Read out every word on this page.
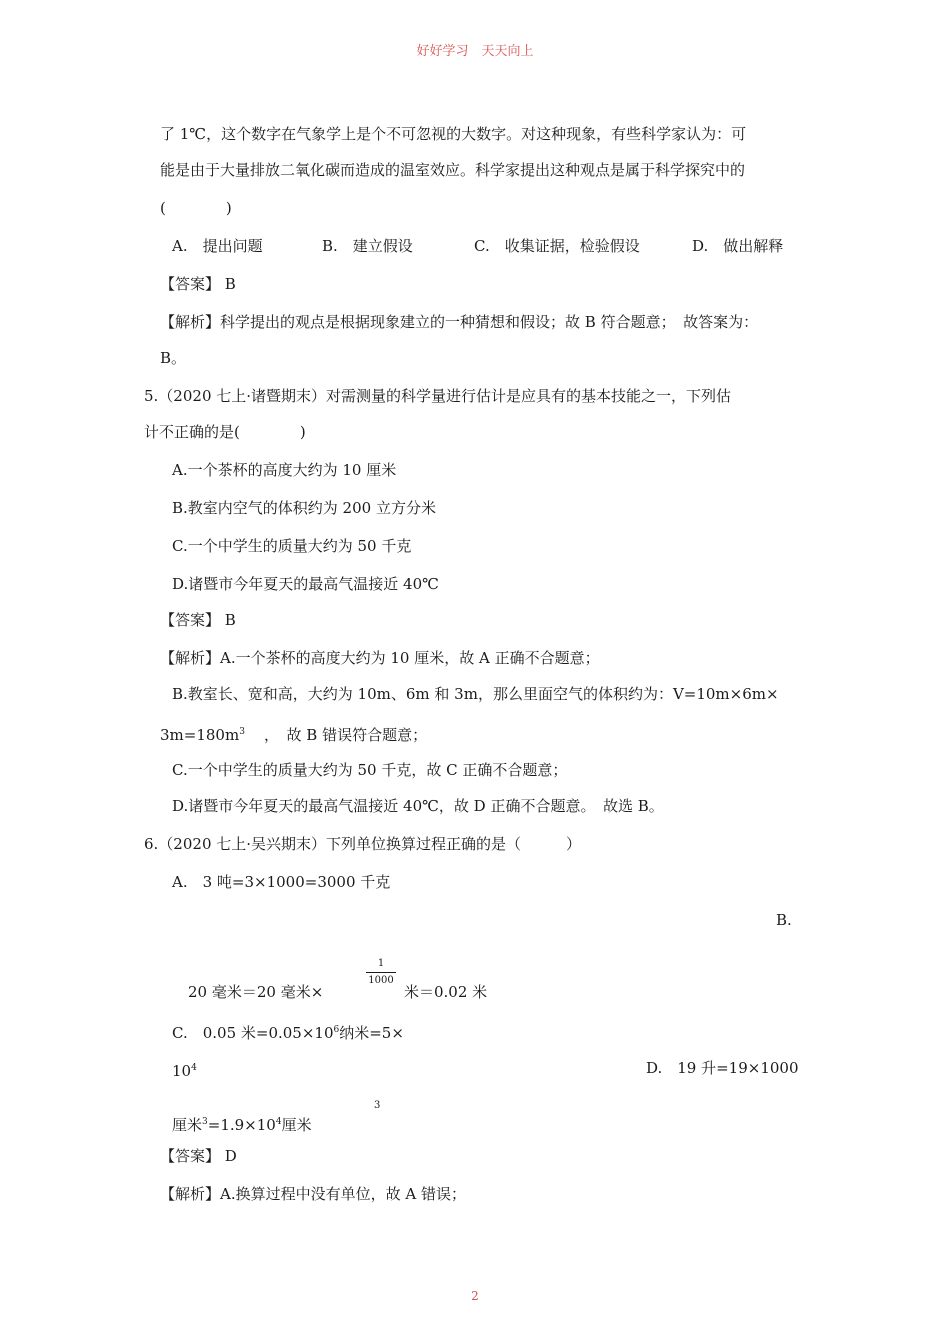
好好学习　天天向上
了 1℃，这个数字在气象学上是个不可忽视的大数字。对这种现象，有些科学家认为：可
能是由于大量排放二氧化碳而造成的温室效应。科学家提出这种观点是属于科学探究中的
(　　　　)
A.　提出问题	B.　建立假设	C.　收集证据，检验假设	D.　做出解释
【答案】 B
【解析】科学提出的观点是根据现象建立的一种猜想和假设；故 B 符合题意；　故答案为：
B。
5.（2020 七上·诸暨期末）对需测量的科学量进行估计是应具有的基本技能之一，下列估
计不正确的是(　　　　)
A.一个茶杯的高度大约为 10 厘米
B.教室内空气的体积约为 200 立方分米
C.一个中学生的质量大约为 50 千克
D.诸暨市今年夏天的最高气温接近 40℃
【答案】 B
【解析】A.一个茶杯的高度大约为 10 厘米，故 A 正确不合题意；
B.教室长、宽和高，大约为 10m、6m 和 3m，那么里面空气的体积约为：V=10m×6m×
$3m=180m^3$ ，　故 B 错误符合题意；
C.一个中学生的质量大约为 50 千克，故 C 正确不合题意；
D.诸暨市今年夏天的最高气温接近 40℃，故 D 正确不合题意。　故选 B。
6.（2020 七上·吴兴期末）下列单位换算过程正确的是（　　　）
A.　3 吨=3×1000=3000 千克
B.
20 毫米＝20 毫米×
1
1000
米＝0.02 米
C.　0.05 米$=0.05\times 10^6$纳米=5×
$10^4$	D.　19 升=19×1000
3
厘米$^3=1.9\times 10^4$厘米
【答案】 D
【解析】A.换算过程中没有单位，故 A 错误；
2
